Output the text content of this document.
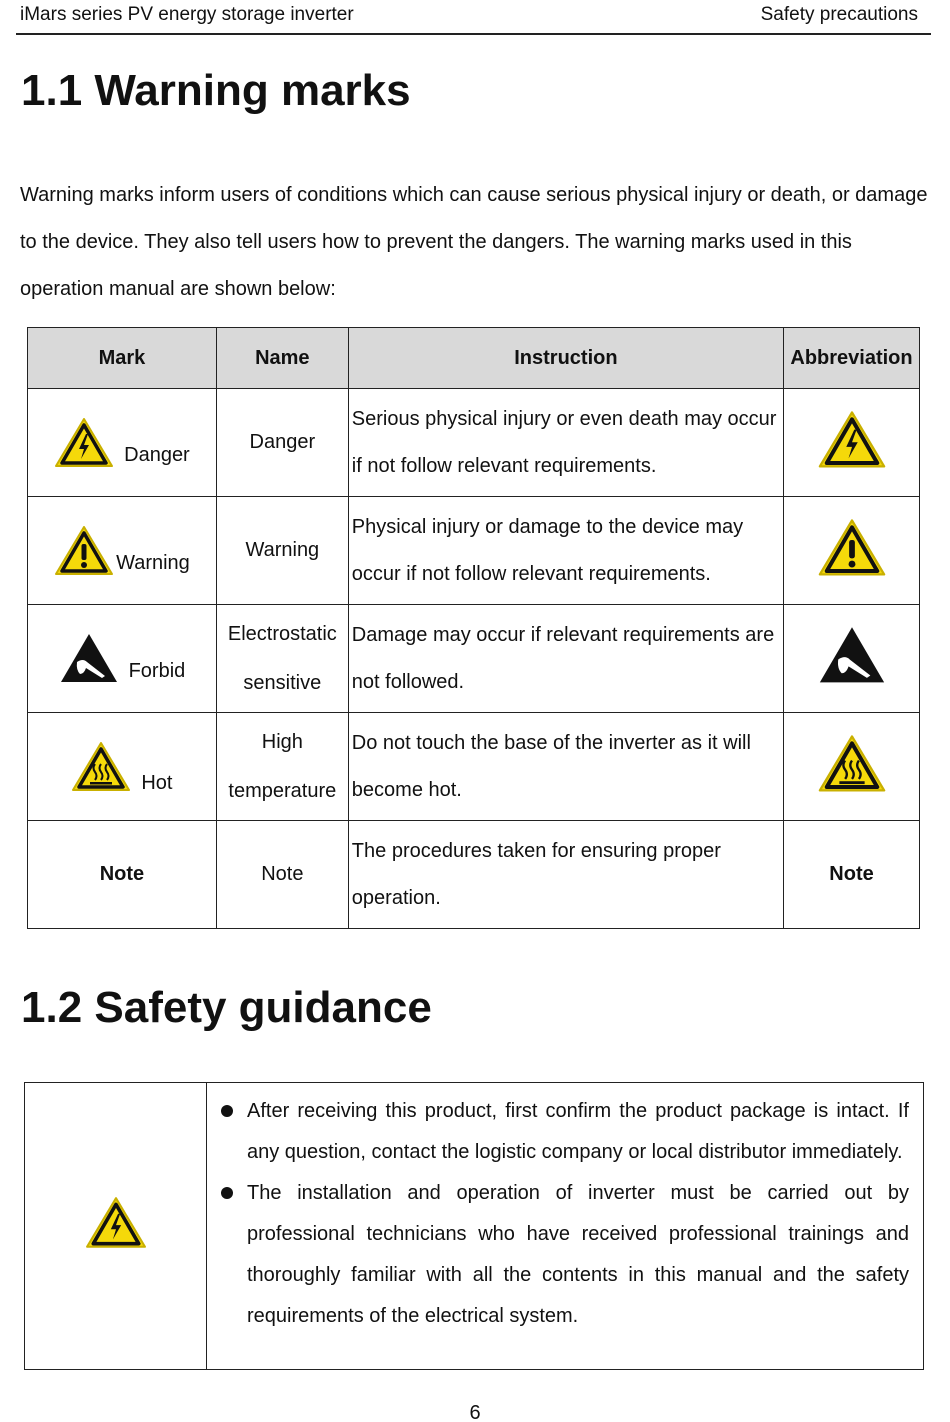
iMars series PV energy storage inverter	Safety precautions
1.1 Warning marks
Warning marks inform users of conditions which can cause serious physical injury or death, or damage to the device. They also tell users how to prevent the dangers. The warning marks used in this operation manual are shown below:
Mark	Name	Instruction	Abbreviation

Danger	Danger	Serious physical injury or even death may occur if not follow relevant requirements.	

Warning	Warning	Physical injury or damage to the device may occur if not follow relevant requirements.	

Forbid	Electrostatic sensitive	Damage may occur if relevant requirements are not followed.	

Hot	High temperature	Do not touch the base of the inverter as it will become hot.	
Note	Note	The procedures taken for ensuring proper operation.	Note
1.2 Safety guidance

After receiving this product, first confirm the product package is intact. If any question, contact the logistic company or local distributor immediately.
The installation and operation of inverter must be carried out by professional technicians who have received professional trainings and thoroughly familiar with all the contents in this manual and the safety requirements of the electrical system.
6
